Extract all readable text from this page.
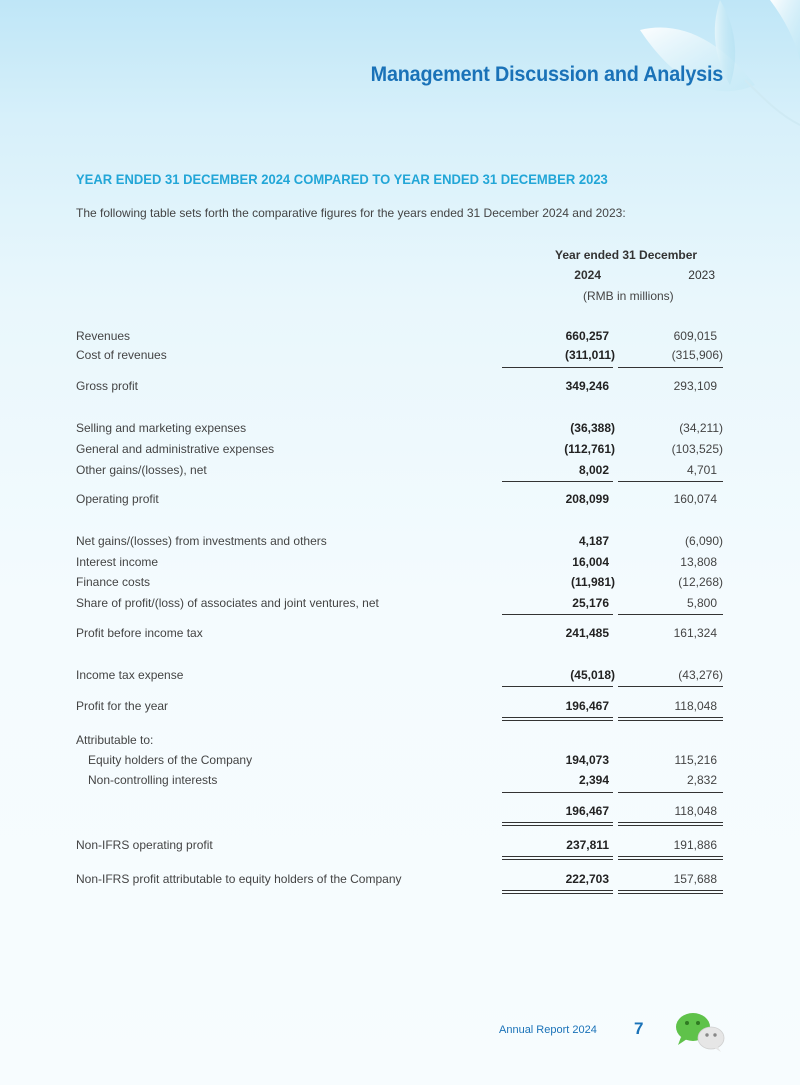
Management Discussion and Analysis
YEAR ENDED 31 DECEMBER 2024 COMPARED TO YEAR ENDED 31 DECEMBER 2023
The following table sets forth the comparative figures for the years ended 31 December 2024 and 2023:
Year ended 31 December
2024	2023
(RMB in millions)
Revenues	660,257	609,015
Cost of revenues	(311,011)	(315,906)
Gross profit	349,246	293,109
Selling and marketing expenses	(36,388)	(34,211)
General and administrative expenses	(112,761)	(103,525)
Other gains/(losses), net	8,002	4,701
Operating profit	208,099	160,074
Net gains/(losses) from investments and others	4,187	(6,090)
Interest income	16,004	13,808
Finance costs	(11,981)	(12,268)
Share of profit/(loss) of associates and joint ventures, net	25,176	5,800
Profit before income tax	241,485	161,324
Income tax expense	(45,018)	(43,276)
Profit for the year	196,467	118,048
Attributable to:
Equity holders of the Company	194,073	115,216
Non-controlling interests	2,394	2,832
196,467	118,048
Non-IFRS operating profit	237,811	191,886
Non-IFRS profit attributable to equity holders of the Company	222,703	157,688
Annual Report 2024 7
